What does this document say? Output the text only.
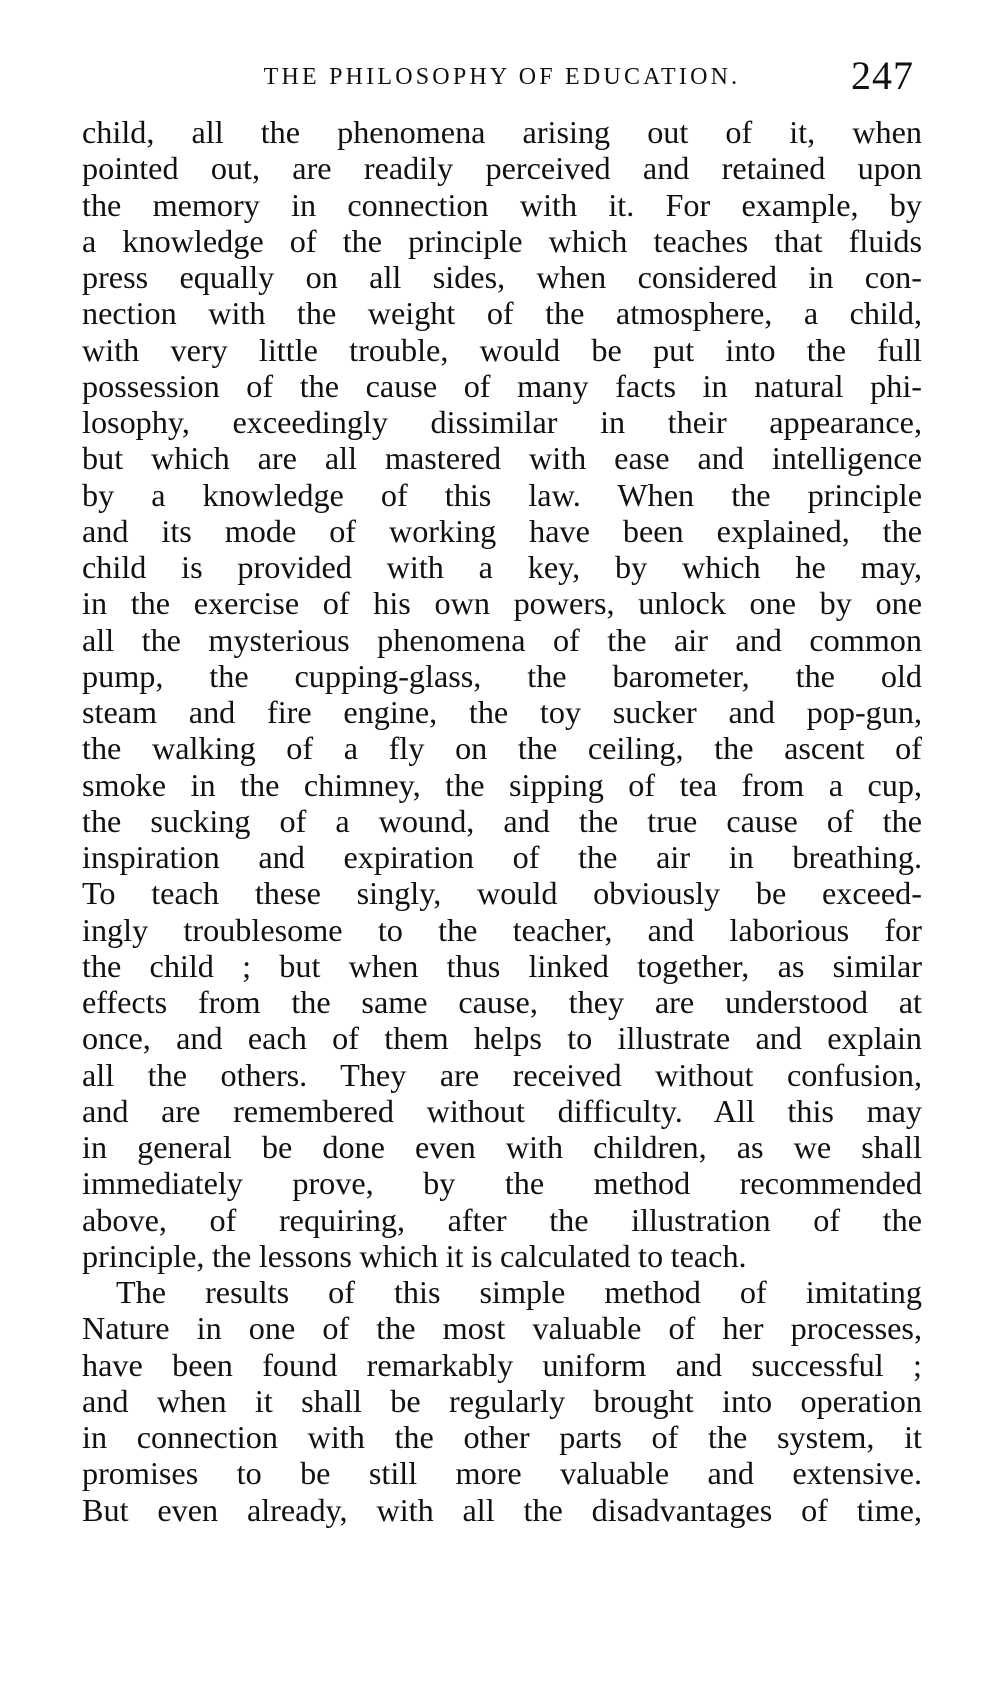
THE PHILOSOPHY OF EDUCATION.	247
child, all the phenomena arising out of it, when
pointed out, are readily perceived and retained upon
the memory in connection with it. For example, by
a knowledge of the principle which teaches that fluids
press equally on all sides, when considered in con-
nection with the weight of the atmosphere, a child,
with very little trouble, would be put into the full
possession of the cause of many facts in natural phi-
losophy, exceedingly dissimilar in their appearance,
but which are all mastered with ease and intelligence
by a knowledge of this law. When the principle
and its mode of working have been explained, the
child is provided with a key, by which he may,
in the exercise of his own powers, unlock one by one
all the mysterious phenomena of the air and common
pump, the cupping-glass, the barometer, the old
steam and fire engine, the toy sucker and pop-gun,
the walking of a fly on the ceiling, the ascent of
smoke in the chimney, the sipping of tea from a cup,
the sucking of a wound, and the true cause of the
inspiration and expiration of the air in breathing.
To teach these singly, would obviously be exceed-
ingly troublesome to the teacher, and laborious for
the child ; but when thus linked together, as similar
effects from the same cause, they are understood at
once, and each of them helps to illustrate and explain
all the others. They are received without confusion,
and are remembered without difficulty. All this may
in general be done even with children, as we shall
immediately prove, by the method recommended
above, of requiring, after the illustration of the
principle, the lessons which it is calculated to teach.
The results of this simple method of imitating
Nature in one of the most valuable of her processes,
have been found remarkably uniform and successful ;
and when it shall be regularly brought into operation
in connection with the other parts of the system, it
promises to be still more valuable and extensive.
But even already, with all the disadvantages of time,
